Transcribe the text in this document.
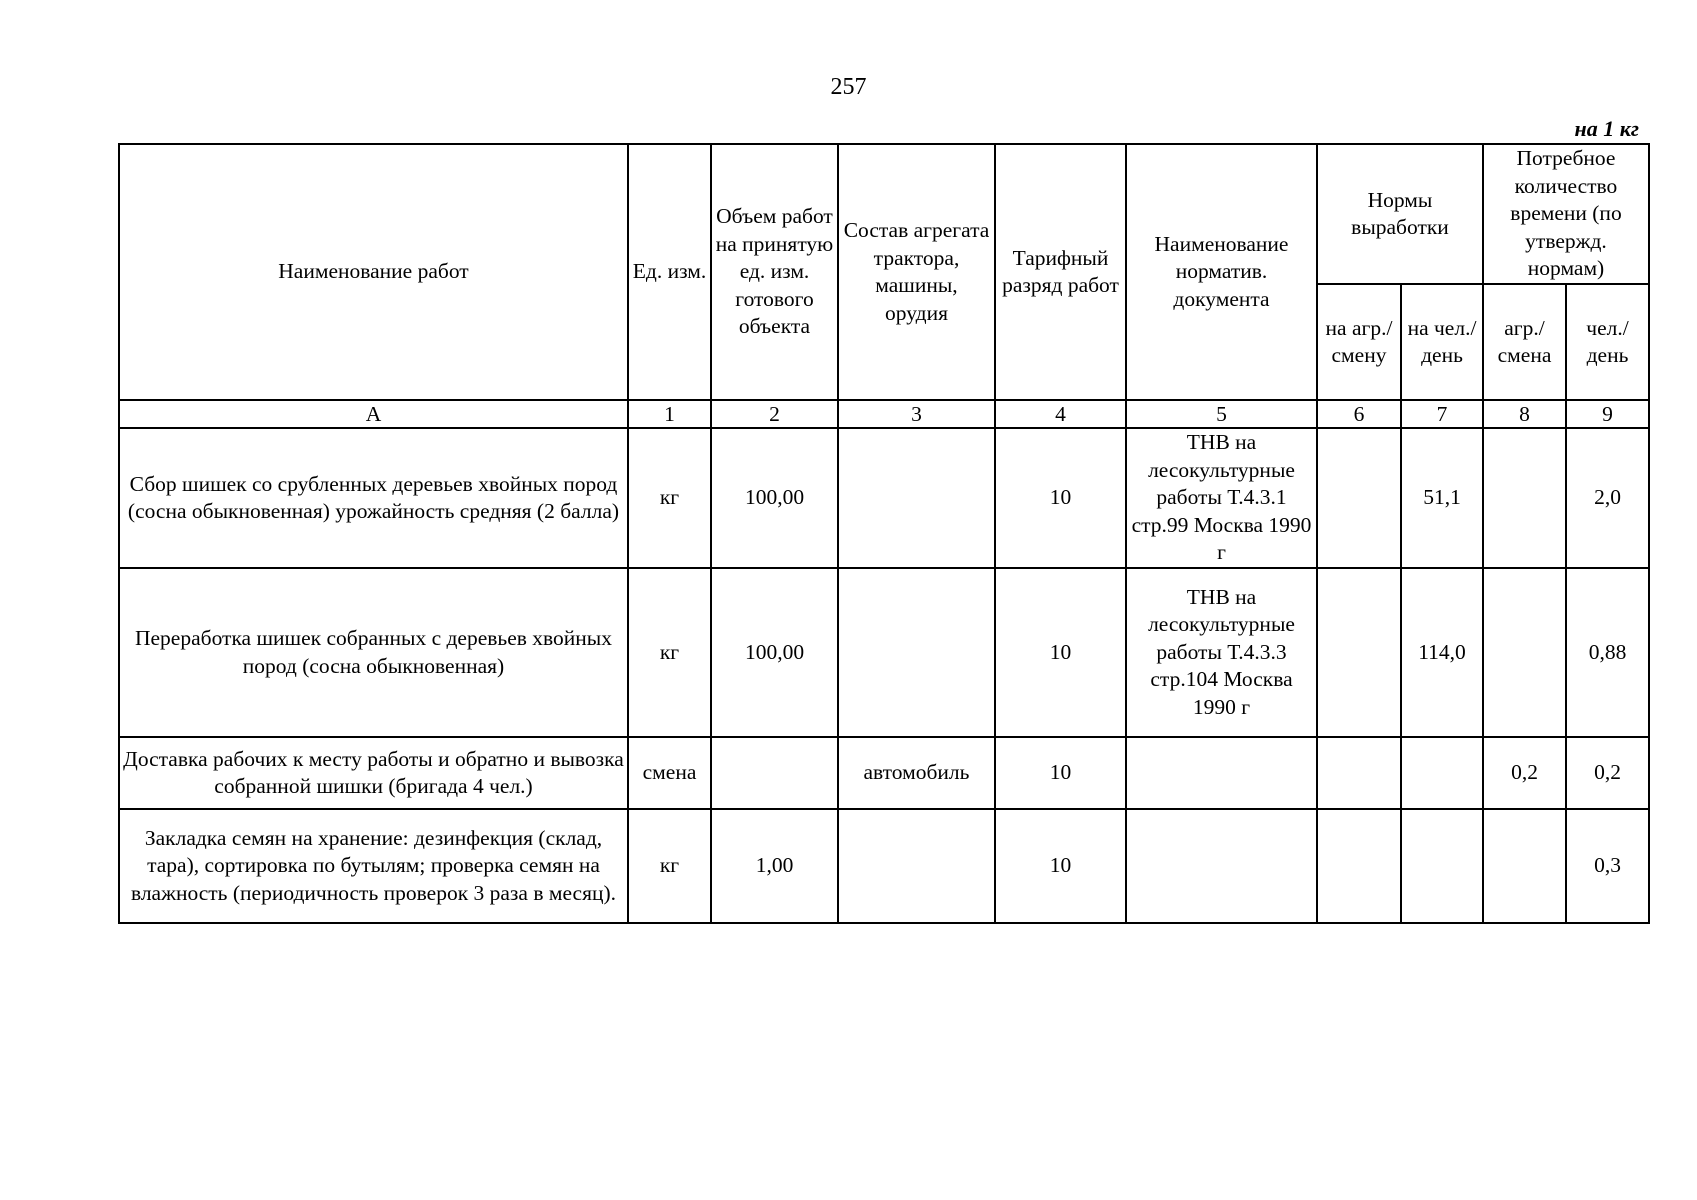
257
на 1 кг
Наименование работ	Ед. изм.	Объем работ на принятую ед. изм. готового объекта	Состав агрегата трактора, машины, орудия	Тарифный разряд работ	Наименование норматив. документа	Нормы выработки		Потребное количество времени (по утвержд. нормам)	
						на агр./ смену	на чел./ день	агр./ смена	чел./ день
А	1	2	3	4	5	6	7	8	9
Сбор шишек со срубленных деревьев хвойных пород (сосна обыкновенная) урожайность средняя (2 балла)	кг	100,00		10	ТНВ на лесокультурные работы Т.4.3.1 стр.99 Москва 1990 г		51,1		2,0
Переработка шишек собранных с деревьев хвойных пород (сосна обыкновенная)	кг	100,00		10	ТНВ на лесокультурные работы Т.4.3.3 стр.104 Москва 1990 г		114,0		0,88
Доставка рабочих к месту работы и обратно и вывозка собранной шишки (бригада 4 чел.)	смена		автомобиль	10				0,2	0,2
Закладка семян на хранение: дезинфекция (склад, тара), сортировка по бутылям; проверка семян на влажность (периодичность проверок 3 раза в месяц).	кг	1,00		10					0,3
